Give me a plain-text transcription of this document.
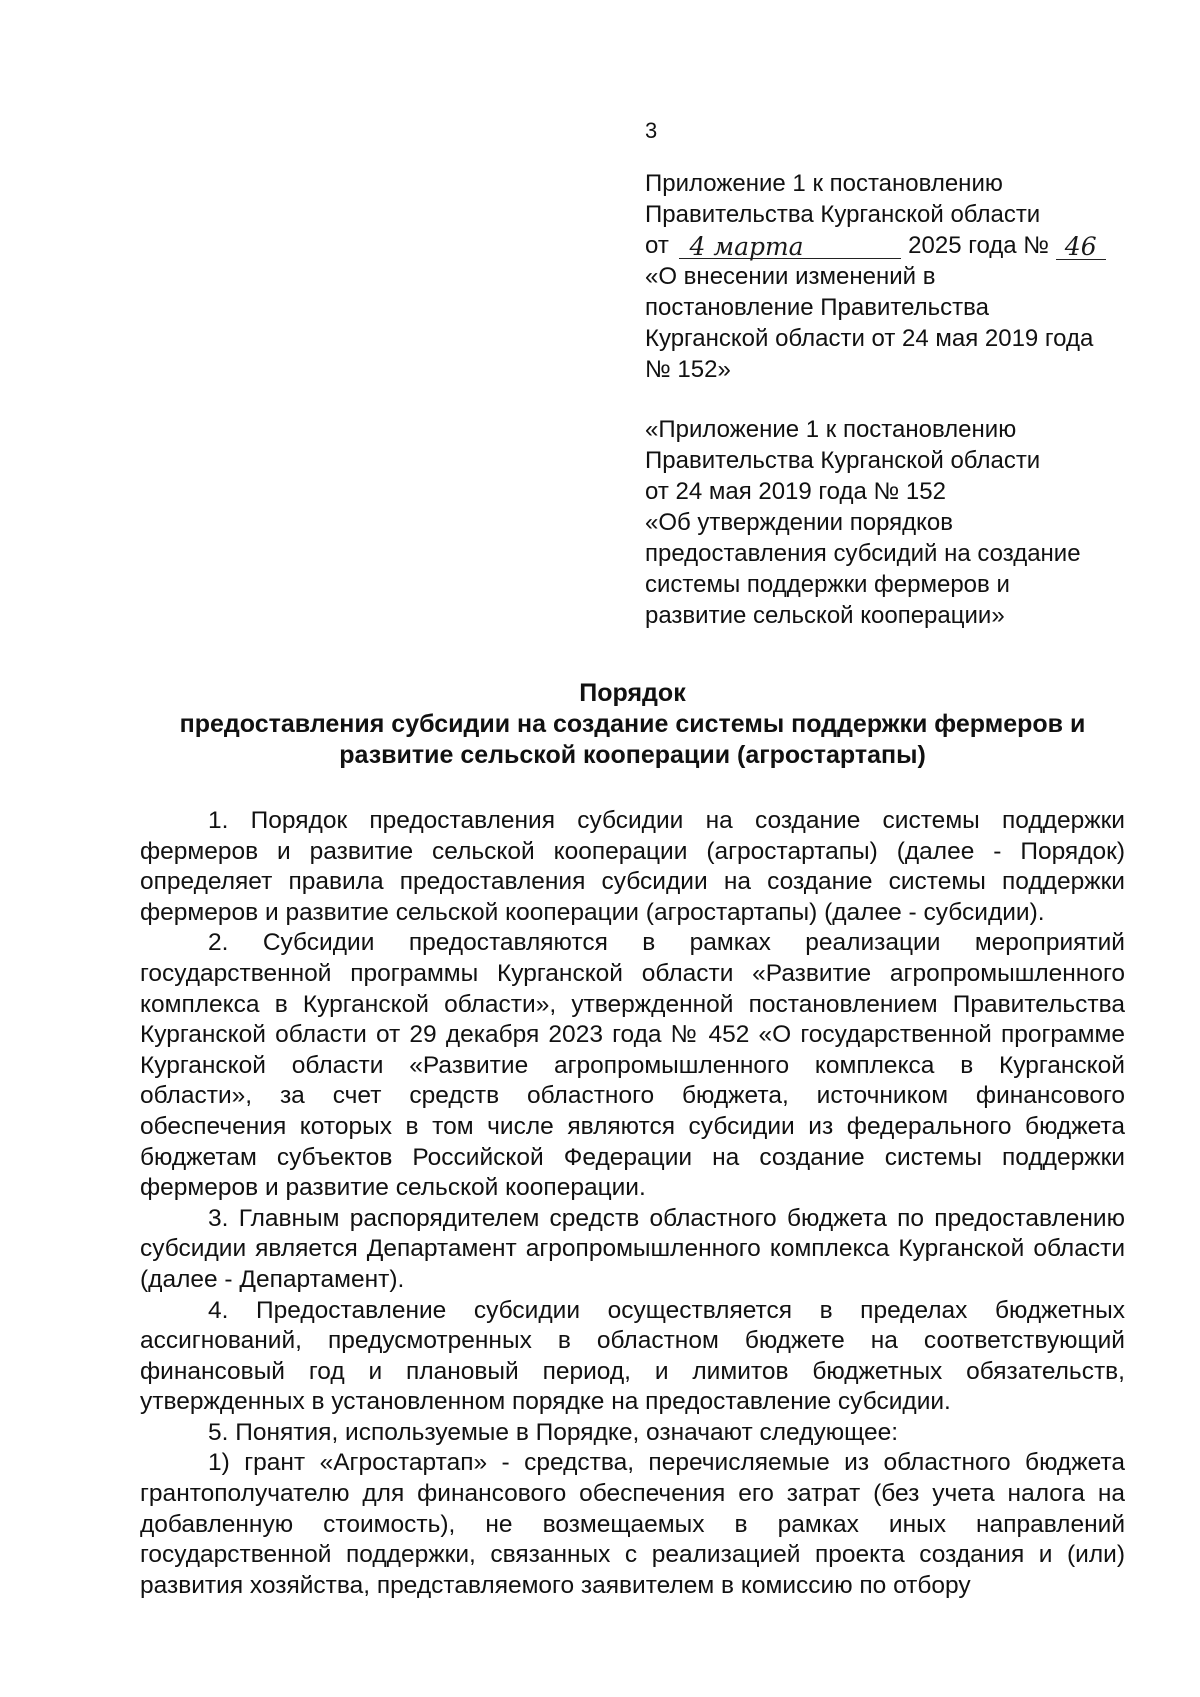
3
Приложение 1 к постановлению
Правительства Курганской области
от 4 марта	2025 года № 46
«О внесении изменений в
постановление Правительства
Курганской области от 24 мая 2019 года
№ 152»
«Приложение 1 к постановлению
Правительства Курганской области
от 24 мая 2019 года № 152
«Об утверждении порядков
предоставления субсидий на создание
системы поддержки фермеров и
развитие сельской кооперации»
Порядок
предоставления субсидии на создание системы поддержки фермеров и
развитие сельской кооперации (агростартапы)

1. Порядок предоставления субсидии на создание системы поддержки фермеров и развитие сельской кооперации (агростартапы) (далее - Порядок) определяет правила предоставления субсидии на создание системы поддержки фермеров и развитие сельской кооперации (агростартапы) (далее - субсидии).

2. Субсидии предоставляются в рамках реализации мероприятий государственной программы Курганской области «Развитие агропромышленного комплекса в Курганской области», утвержденной постановлением Правительства Курганской области от 29 декабря 2023 года № 452 «О государственной программе Курганской области «Развитие агропромышленного комплекса в Курганской области», за счет средств областного бюджета, источником финансового обеспечения которых в том числе являются субсидии из федерального бюджета бюджетам субъектов Российской Федерации на создание системы поддержки фермеров и развитие сельской кооперации.

3. Главным распорядителем средств областного бюджета по предоставлению субсидии является Департамент агропромышленного комплекса Курганской области (далее - Департамент).

4. Предоставление субсидии осуществляется в пределах бюджетных ассигнований, предусмотренных в областном бюджете на соответствующий финансовый год и плановый период, и лимитов бюджетных обязательств, утвержденных в установленном порядке на предоставление субсидии.

5. Понятия, используемые в Порядке, означают следующее:

1) грант «Агростартап» - средства, перечисляемые из областного бюджета грантополучателю для финансового обеспечения его затрат (без учета налога на добавленную стоимость), не возмещаемых в рамках иных направлений государственной поддержки, связанных с реализацией проекта создания и (или) развития хозяйства, представляемого заявителем в комиссию по отбору
